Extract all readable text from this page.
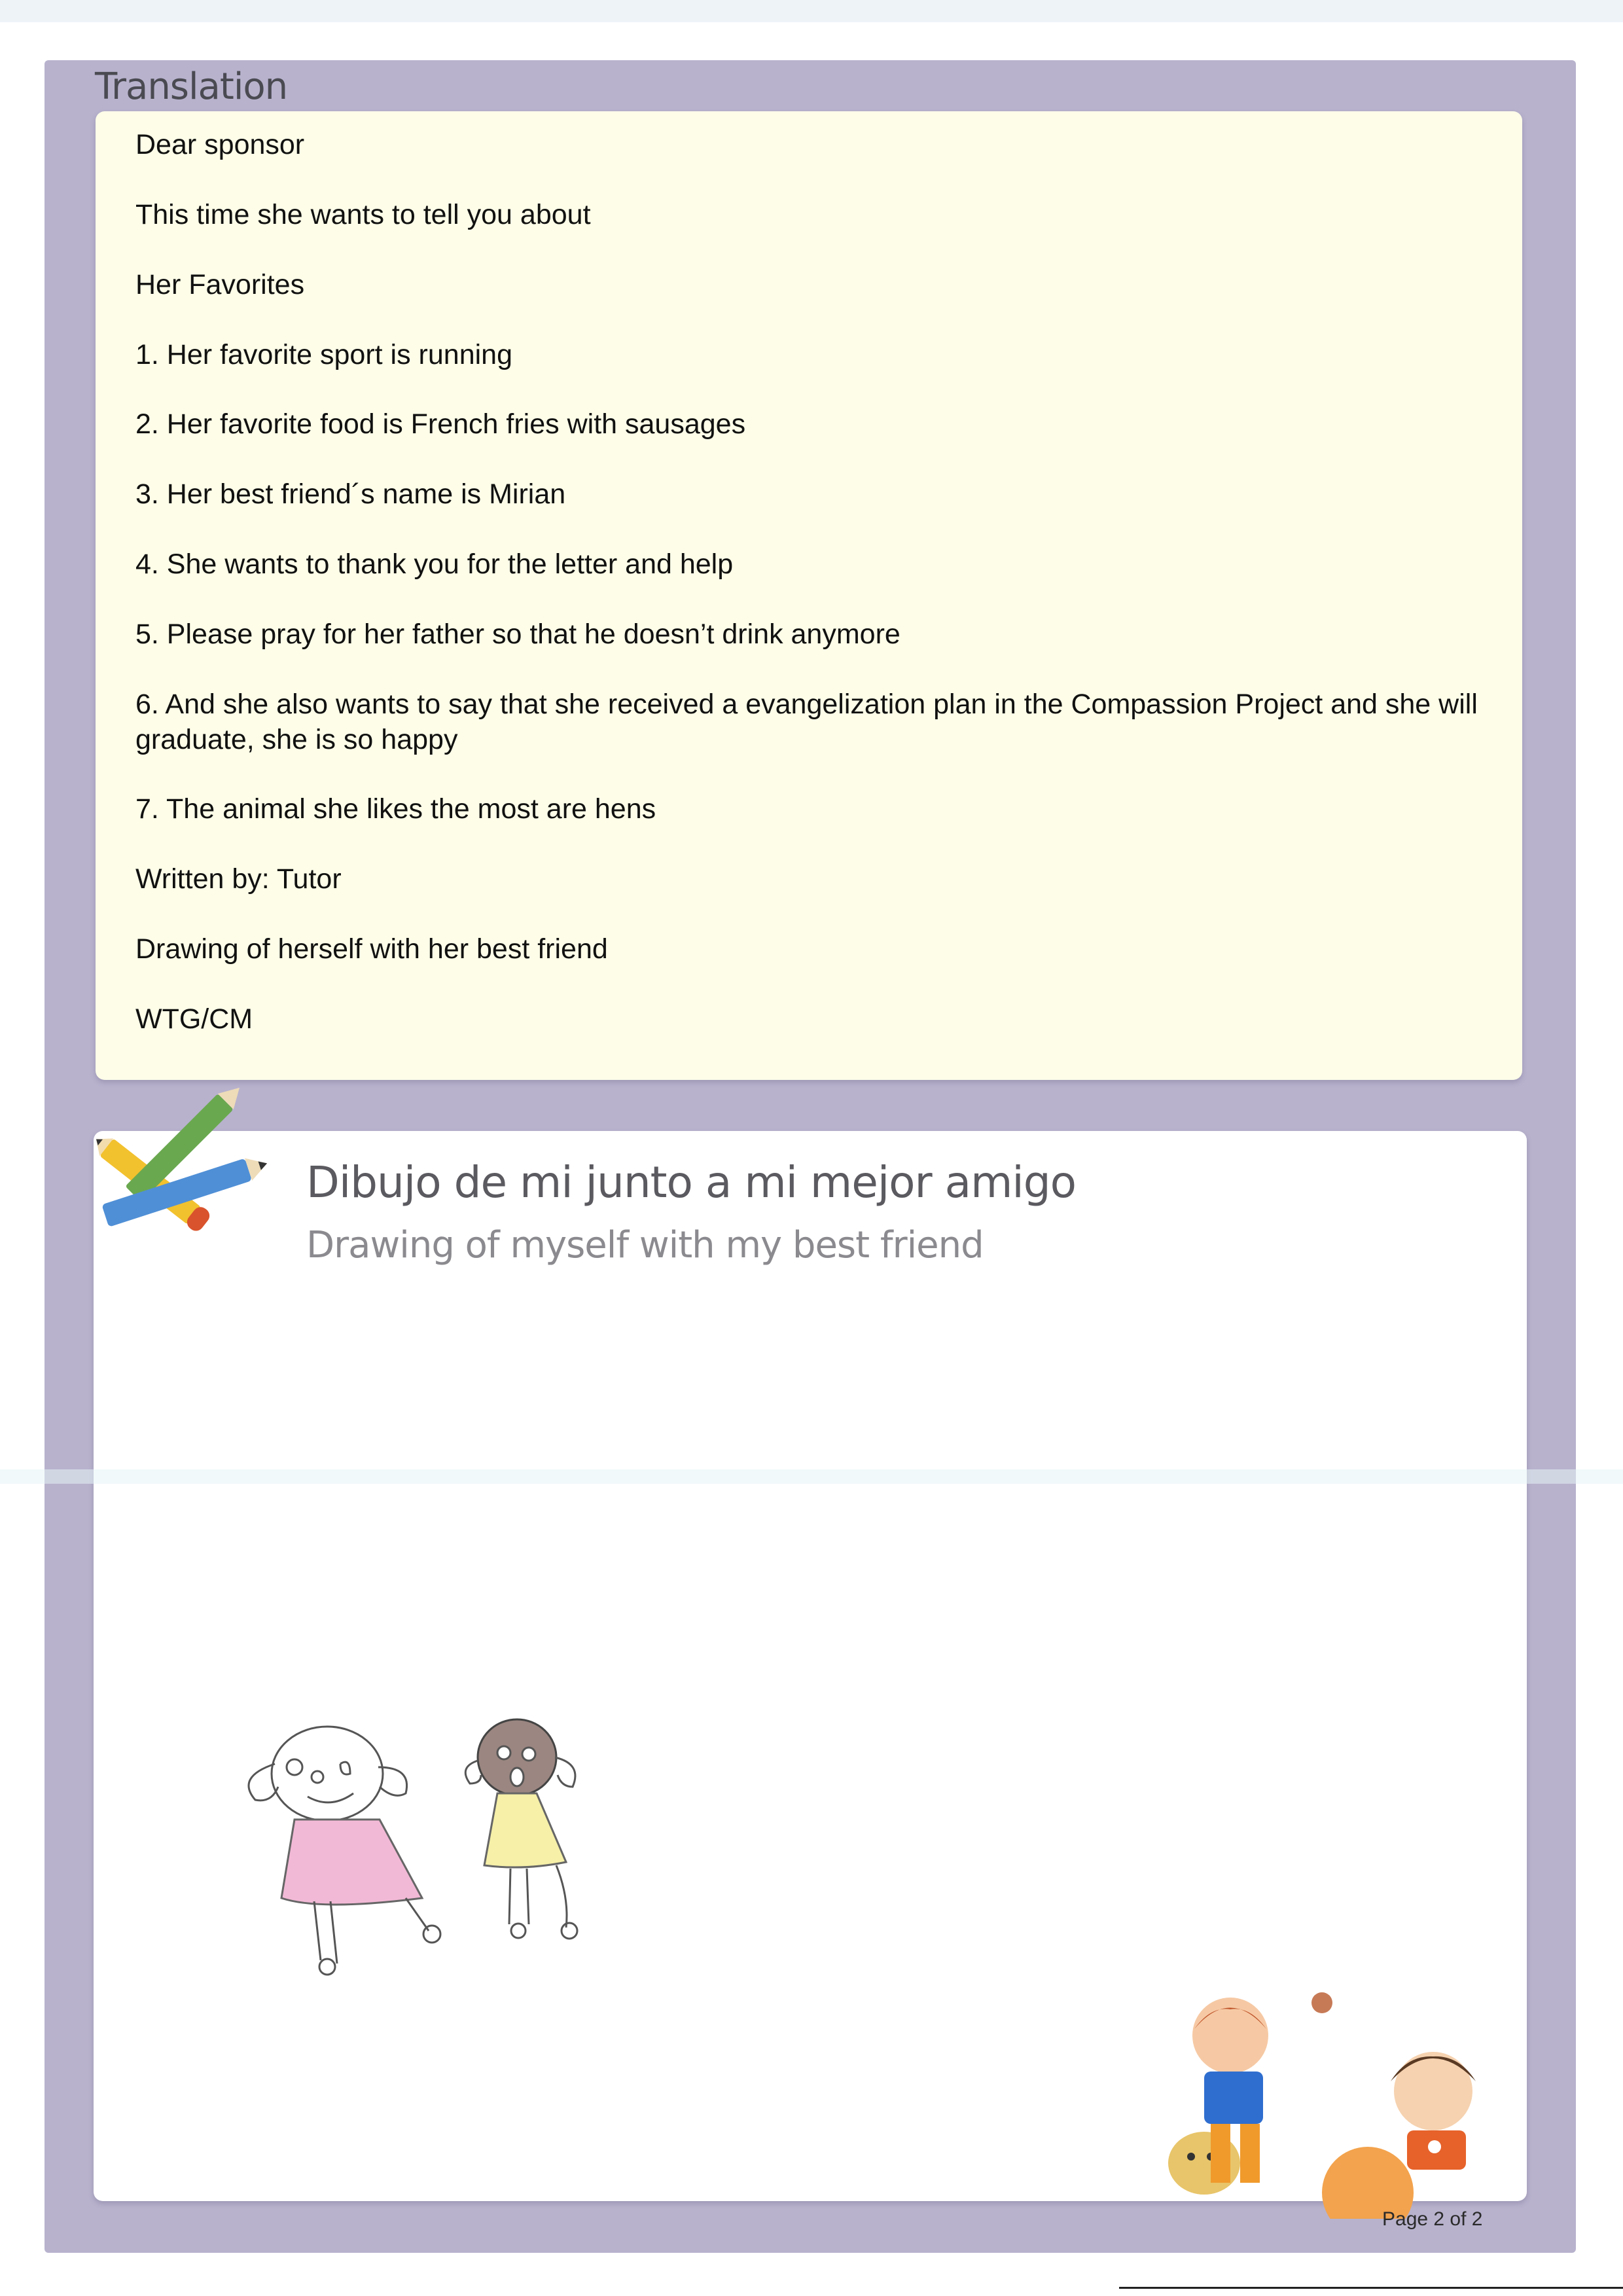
Translation
Dear sponsor
This time she wants to tell you about
Her Favorites
1. Her favorite sport is running
2. Her favorite food is French fries with sausages
3. Her best friend´s name is Mirian
4. She wants to thank you for the letter and help
5. Please pray for her father so that he doesn’t drink anymore
6. And she also wants to say that she received a evangelization plan in the Compassion Project and she will graduate, she is so happy
7. The animal she likes the most are hens
Written by: Tutor
Drawing of herself with her best friend
WTG/CM
Dibujo de mi junto a mi mejor amigo
Drawing of myself with my best friend
Page 2 of 2
